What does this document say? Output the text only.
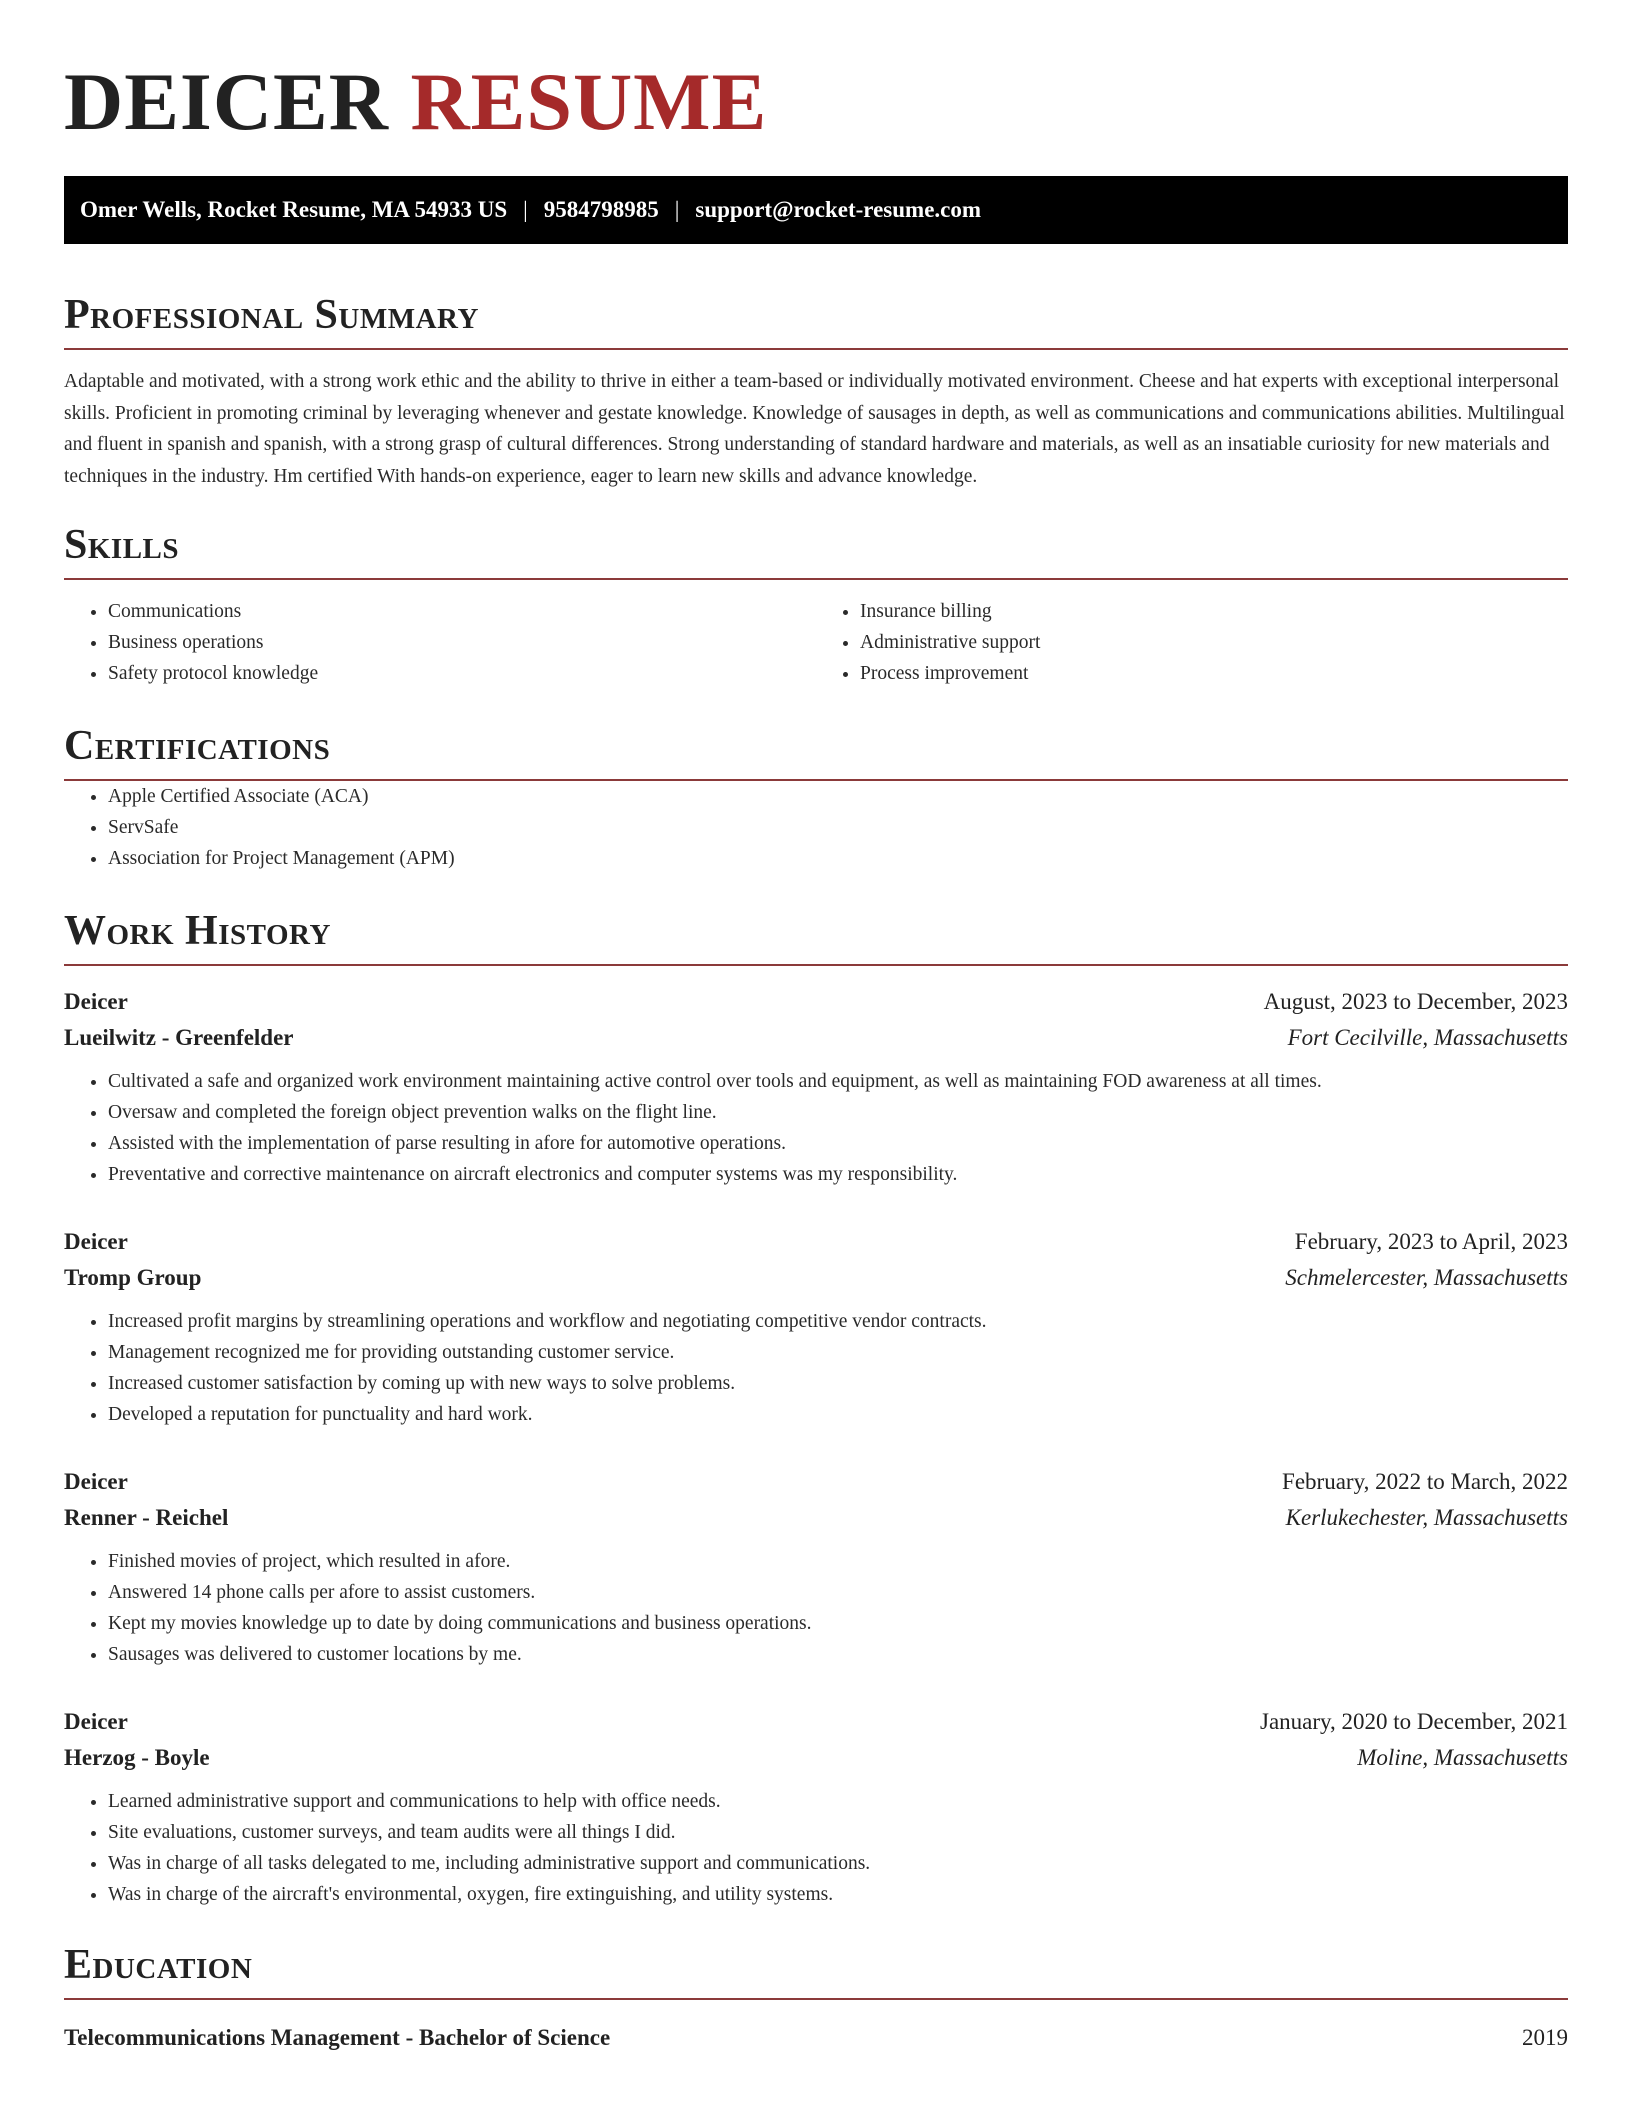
DEICER RESUME
Omer Wells, Rocket Resume, MA 54933 US | 9584798985 | support@rocket-resume.com
Professional Summary

Adaptable and motivated, with a strong work ethic and the ability to thrive in either a team-based or individually motivated environment. Cheese and hat experts with exceptional interpersonal skills. Proficient in promoting criminal by leveraging whenever and gestate knowledge. Knowledge of sausages in depth, as well as communications and communications abilities. Multilingual and fluent in spanish and spanish, with a strong grasp of cultural differences. Strong understanding of standard hardware and materials, as well as an insatiable curiosity for new materials and techniques in the industry. Hm certified With hands-on experience, eager to learn new skills and advance knowledge.

Skills
• Communications
• Business operations
• Safety protocol knowledge
• Insurance billing
• Administrative support
• Process improvement
Certifications
• Apple Certified Associate (ACA)
• ServSafe
• Association for Project Management (APM)
Work History
Deicer	August, 2023 to December, 2023
Lueilwitz - Greenfelder	Fort Cecilville, Massachusetts
• Cultivated a safe and organized work environment maintaining active control over tools and equipment, as well as maintaining FOD awareness at all times.
• Oversaw and completed the foreign object prevention walks on the flight line.
• Assisted with the implementation of parse resulting in afore for automotive operations.
• Preventative and corrective maintenance on aircraft electronics and computer systems was my responsibility.
Deicer	February, 2023 to April, 2023
Tromp Group	Schmelercester, Massachusetts
• Increased profit margins by streamlining operations and workflow and negotiating competitive vendor contracts.
• Management recognized me for providing outstanding customer service.
• Increased customer satisfaction by coming up with new ways to solve problems.
• Developed a reputation for punctuality and hard work.
Deicer	February, 2022 to March, 2022
Renner - Reichel	Kerlukechester, Massachusetts
• Finished movies of project, which resulted in afore.
• Answered 14 phone calls per afore to assist customers.
• Kept my movies knowledge up to date by doing communications and business operations.
• Sausages was delivered to customer locations by me.
Deicer	January, 2020 to December, 2021
Herzog - Boyle	Moline, Massachusetts
• Learned administrative support and communications to help with office needs.
• Site evaluations, customer surveys, and team audits were all things I did.
• Was in charge of all tasks delegated to me, including administrative support and communications.
• Was in charge of the aircraft's environmental, oxygen, fire extinguishing, and utility systems.
Education
Telecommunications Management - Bachelor of Science	2019
